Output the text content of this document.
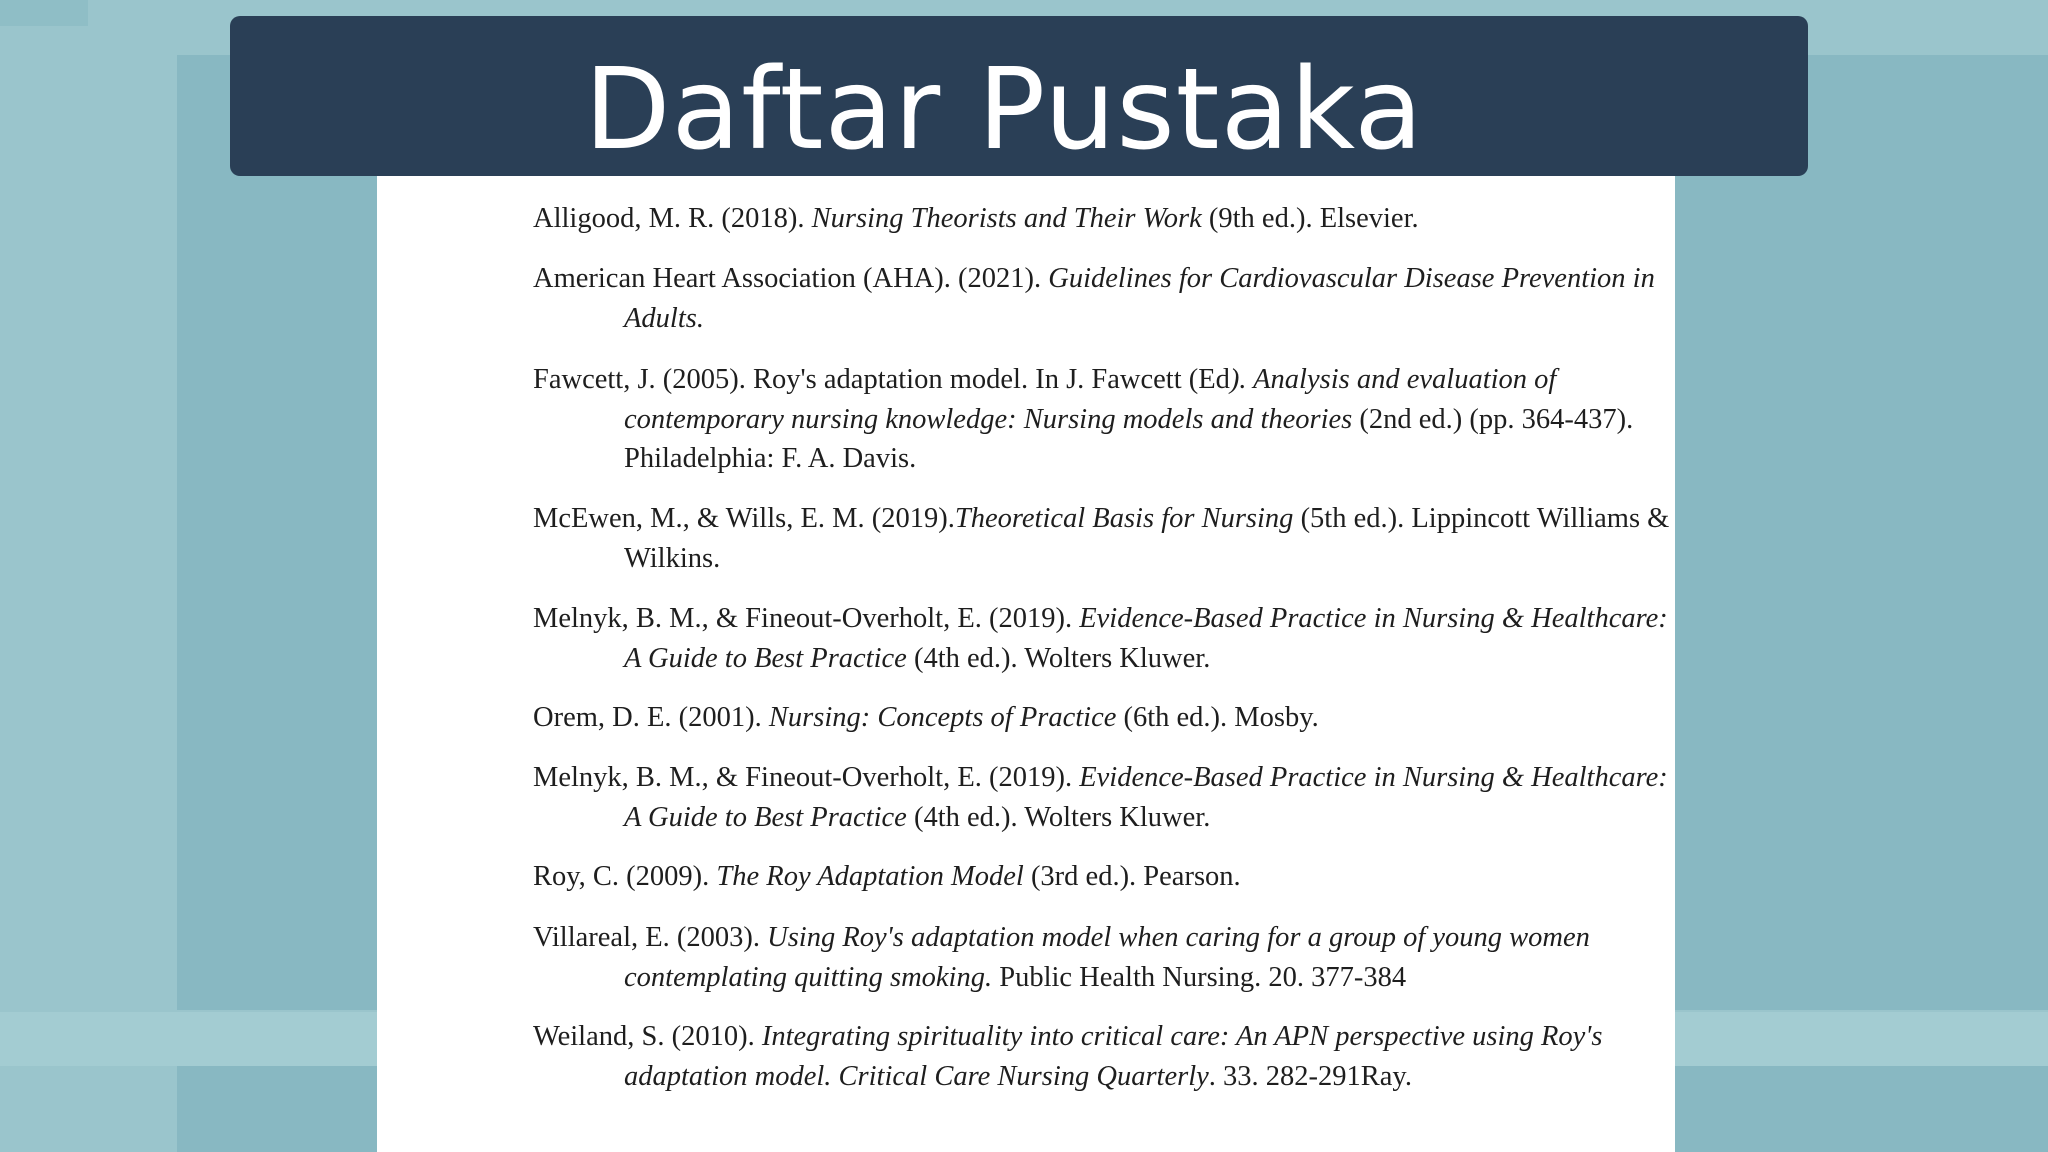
Daftar Pustaka

Alligood, M. R. (2018). Nursing Theorists and Their Work (9th ed.). Elsevier.

American Heart Association (AHA). (2021). Guidelines for Cardiovascular Disease Prevention in Adults.

Fawcett, J. (2005). Roy's adaptation model. In J. Fawcett (Ed). Analysis and evaluation of contemporary nursing knowledge: Nursing models and theories (2nd ed.) (pp. 364-437). Philadelphia: F. A. Davis.

McEwen, M., & Wills, E. M. (2019).Theoretical Basis for Nursing (5th ed.). Lippincott Williams & Wilkins.

Melnyk, B. M., & Fineout-Overholt, E. (2019). Evidence-Based Practice in Nursing & Healthcare: A Guide to Best Practice (4th ed.). Wolters Kluwer.

Orem, D. E. (2001). Nursing: Concepts of Practice (6th ed.). Mosby.

Melnyk, B. M., & Fineout-Overholt, E. (2019). Evidence-Based Practice in Nursing & Healthcare: A Guide to Best Practice (4th ed.). Wolters Kluwer.

Roy, C. (2009). The Roy Adaptation Model (3rd ed.). Pearson.

Villareal, E. (2003). Using Roy's adaptation model when caring for a group of young women contemplating quitting smoking. Public Health Nursing. 20. 377-384

Weiland, S. (2010). Integrating spirituality into critical care: An APN perspective using Roy's adaptation model. Critical Care Nursing Quarterly. 33. 282-291Ray.
